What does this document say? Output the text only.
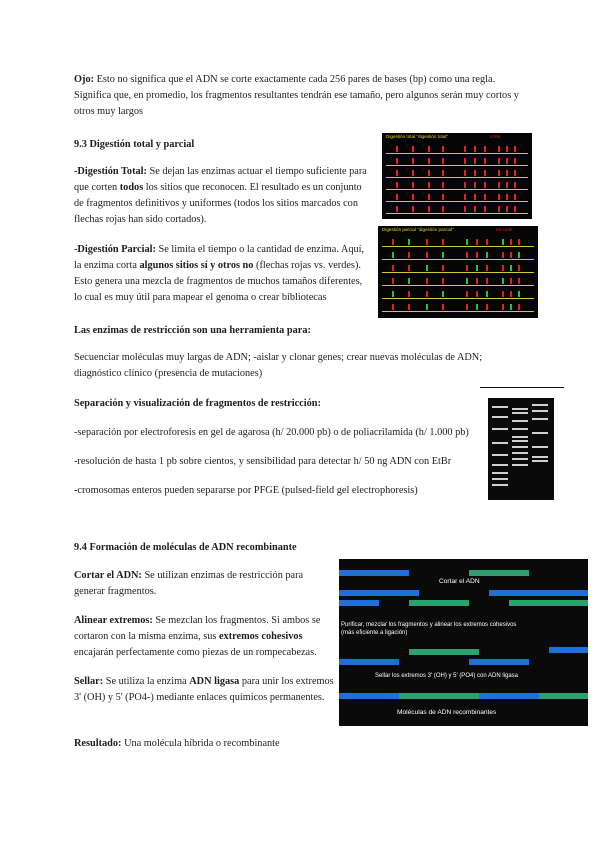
Ojo: Esto no significa que el ADN se corte exactamente cada 256 pares de bases (bp) como una regla. Significa que, en promedio, los fragmentos resultantes tendrán ese tamaño, pero algunos serán muy cortos y otros muy largos

9.3 Digestión total y parcial

-Digestión Total: Se dejan las enzimas actuar el tiempo suficiente para que corten todos los sitios que reconocen. El resultado es un conjunto de fragmentos definitivos y uniformes (todos los sitios marcados con flechas rojas han sido cortados).

-Digestión Parcial: Se limita el tiempo o la cantidad de enzima. Aquí, la enzima corta algunos sitios sí y otros no (flechas rojas vs. verdes). Esto genera una mezcla de fragmentos de muchos tamaños diferentes, lo cual es muy útil para mapear el genoma o crear bibliotecas

Digestión total "digestión total"	corte
Digestión parcial "digestión parcial"	no corte

Las enzimas de restricción son una herramienta para:

Secuenciar moléculas muy largas de ADN; -aislar y clonar genes; crear nuevas moléculas de ADN; diagnóstico clínico (presencia de mutaciones)

Separación y visualización de fragmentos de restricción:

-separación por electroforesis en gel de agarosa (h/ 20.000 pb) o de poliacrilamida (h/ 1.000 pb)

-resolución de hasta 1 pb sobre cientos, y sensibilidad para detectar h/ 50 ng ADN con EtBr

-cromosomas enteros pueden separarse por PFGE (pulsed-field gel electrophoresis)

9.4 Formación de moléculas de ADN recombinante

Cortar el ADN: Se utilizan enzimas de restricción para generar fragmentos.

Alinear extremos: Se mezclan los fragmentos. Si ambos se cortaron con la misma enzima, sus extremos cohesivos encajarán perfectamente como piezas de un rompecabezas.

Sellar: Se utiliza la enzima ADN ligasa para unir los extremos 3' (OH) y 5' (PO4-) mediante enlaces químicos permanentes.

Resultado: Una molécula híbrida o recombinante

Cortar el ADN
Purificar, mezclar los fragmentos y alinear los extremos cohesivos
(más eficiente a ligación)
Sellar los extremos 3' (OH) y 5' (PO4) con ADN ligasa
Moléculas de ADN recombinantes
